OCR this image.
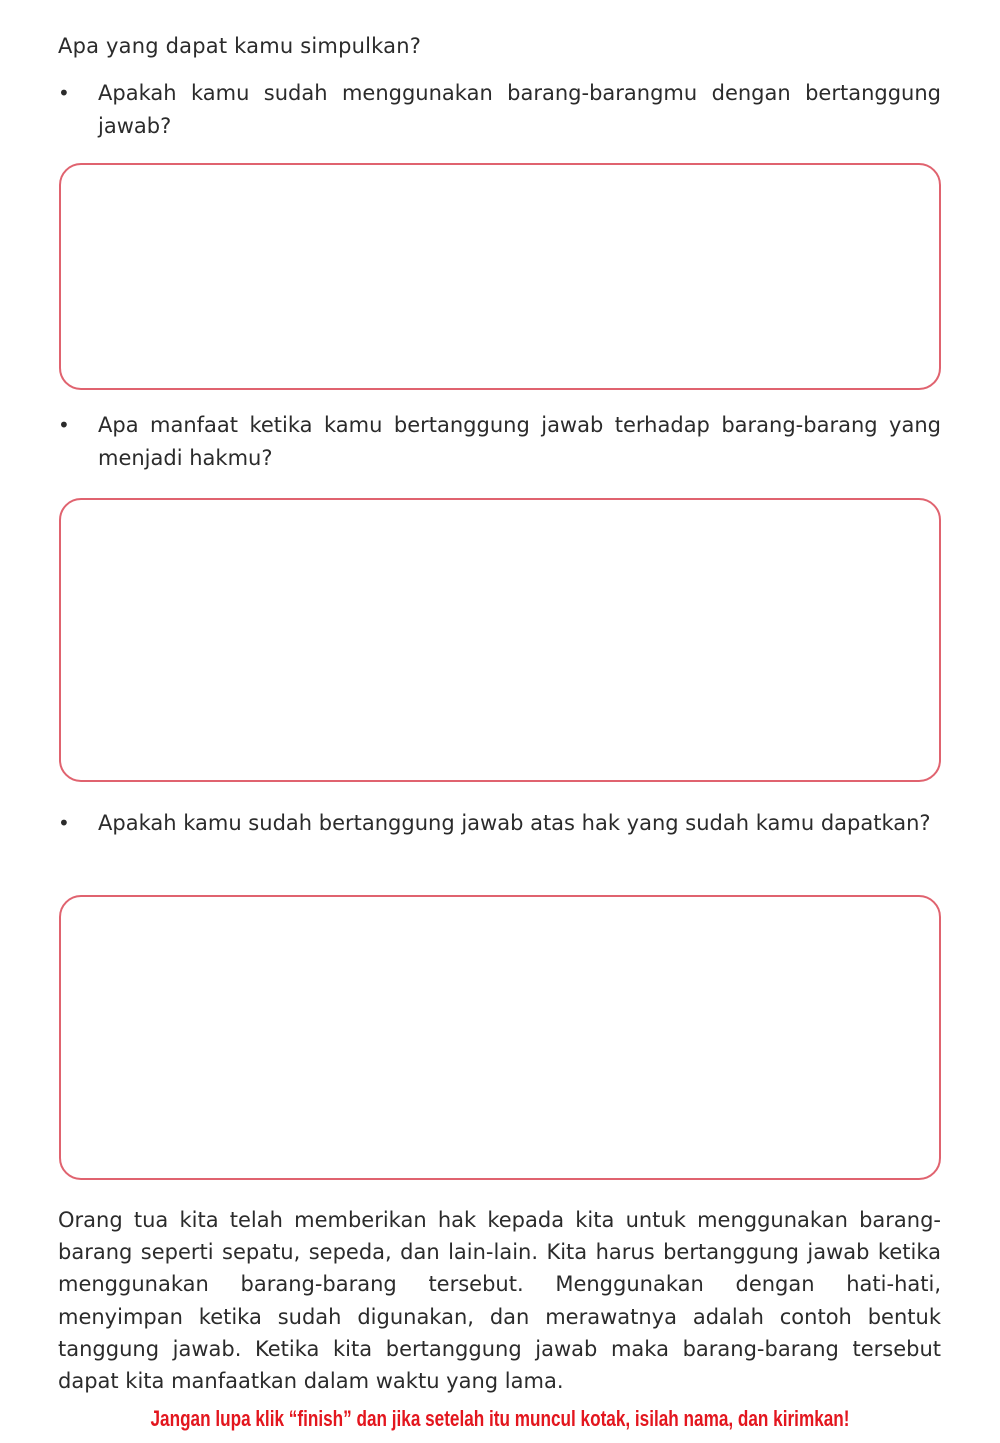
Apa yang dapat kamu simpulkan?

•	Apakah kamu sudah menggunakan barang-barangmu dengan bertanggung jawab?
•	Apa manfaat ketika kamu bertanggung jawab terhadap barang-barang yang menjadi hakmu?
•	Apakah kamu sudah bertanggung jawab atas hak yang sudah kamu dapatkan?

Orang tua kita telah memberikan hak kepada kita untuk menggunakan barang-barang seperti sepatu, sepeda, dan lain-lain. Kita harus bertanggung jawab ketika menggunakan barang-barang tersebut. Menggunakan dengan hati-hati, menyimpan ketika sudah digunakan, dan merawatnya adalah contoh bentuk tanggung jawab. Ketika kita bertanggung jawab maka barang-barang tersebut dapat kita manfaatkan dalam waktu yang lama.

Jangan lupa klik “finish” dan jika setelah itu muncul kotak, isilah nama, dan kirimkan!
